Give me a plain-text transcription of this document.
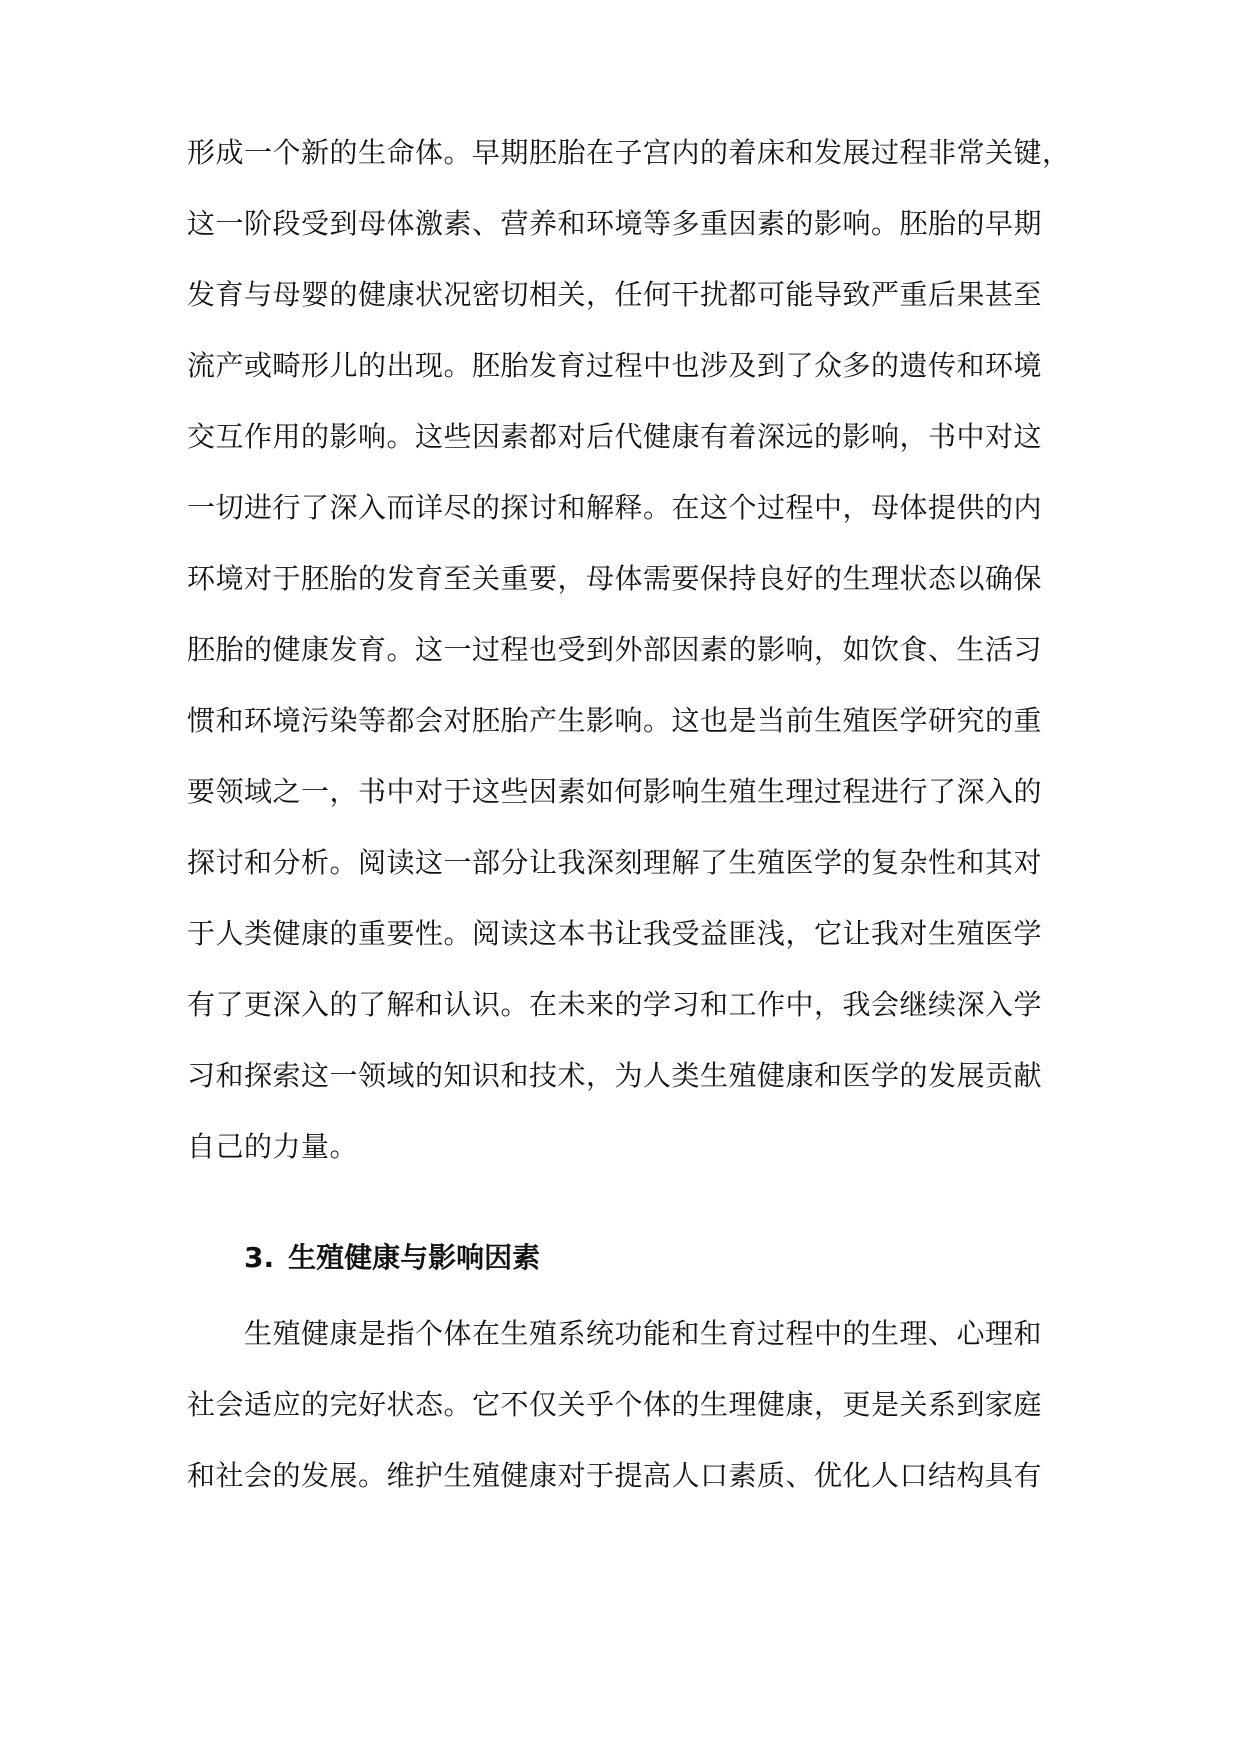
形成一个新的生命体。早期胚胎在子宫内的着床和发展过程非常关键，
这一阶段受到母体激素、营养和环境等多重因素的影响。胚胎的早期
发育与母婴的健康状况密切相关，任何干扰都可能导致严重后果甚至
流产或畸形儿的出现。胚胎发育过程中也涉及到了众多的遗传和环境
交互作用的影响。这些因素都对后代健康有着深远的影响，书中对这
一切进行了深入而详尽的探讨和解释。在这个过程中，母体提供的内
环境对于胚胎的发育至关重要，母体需要保持良好的生理状态以确保
胚胎的健康发育。这一过程也受到外部因素的影响，如饮食、生活习
惯和环境污染等都会对胚胎产生影响。这也是当前生殖医学研究的重
要领域之一，书中对于这些因素如何影响生殖生理过程进行了深入的
探讨和分析。阅读这一部分让我深刻理解了生殖医学的复杂性和其对
于人类健康的重要性。阅读这本书让我受益匪浅，它让我对生殖医学
有了更深入的了解和认识。在未来的学习和工作中，我会继续深入学
习和探索这一领域的知识和技术，为人类生殖健康和医学的发展贡献
自己的力量。
3. 生殖健康与影响因素
生殖健康是指个体在生殖系统功能和生育过程中的生理、心理和
社会适应的完好状态。它不仅关乎个体的生理健康，更是关系到家庭
和社会的发展。维护生殖健康对于提高人口素质、优化人口结构具有
